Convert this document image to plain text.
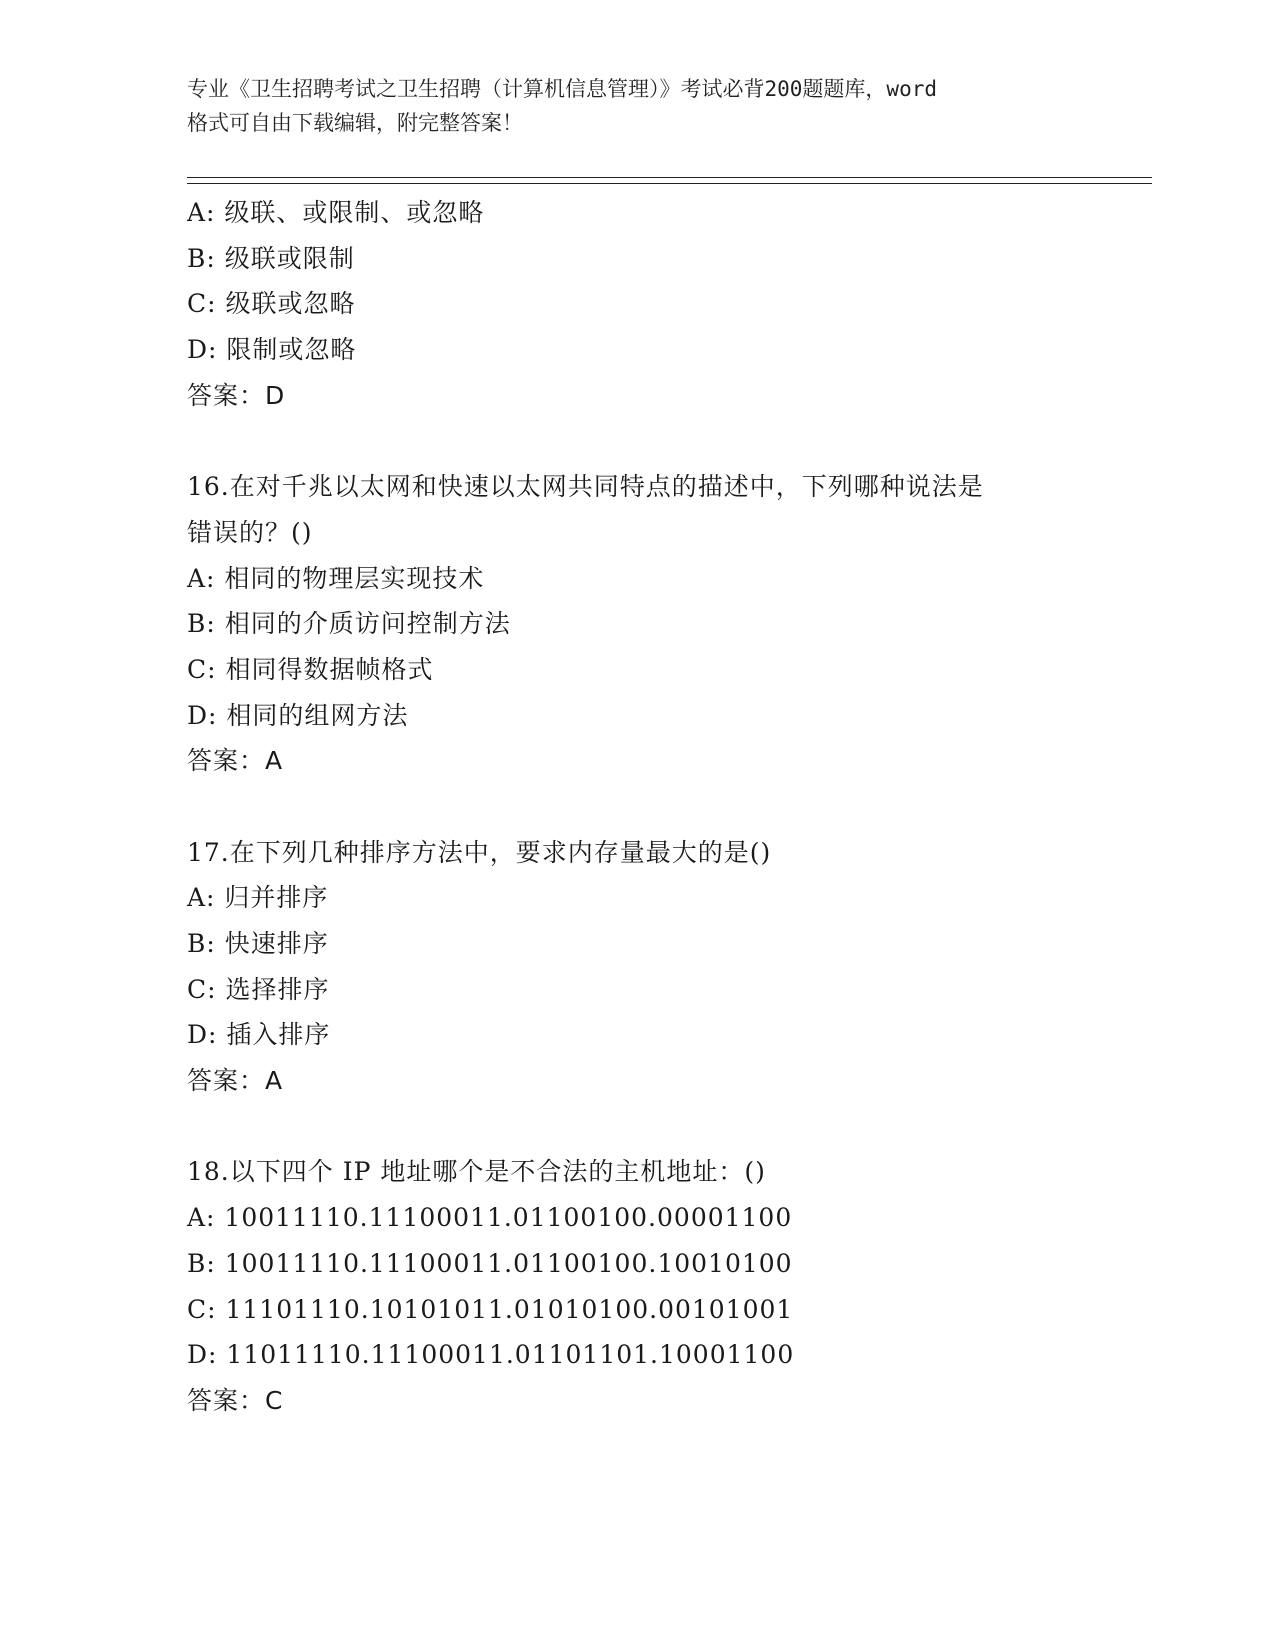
专业《卫生招聘考试之卫生招聘（计算机信息管理）》考试必背200题题库，word
格式可自由下载编辑，附完整答案！
A: 级联、或限制、或忽略
B: 级联或限制
C: 级联或忽略
D: 限制或忽略
答案：D
16.在对千兆以太网和快速以太网共同特点的描述中，下列哪种说法是
错误的？()
A: 相同的物理层实现技术
B: 相同的介质访问控制方法
C: 相同得数据帧格式
D: 相同的组网方法
答案：A
17.在下列几种排序方法中，要求内存量最大的是()
A: 归并排序
B: 快速排序
C: 选择排序
D: 插入排序
答案：A
18.以下四个 IP 地址哪个是不合法的主机地址：()
A: 10011110.11100011.01100100.00001100
B: 10011110.11100011.01100100.10010100
C: 11101110.10101011.01010100.00101001
D: 11011110.11100011.01101101.10001100
答案：C
